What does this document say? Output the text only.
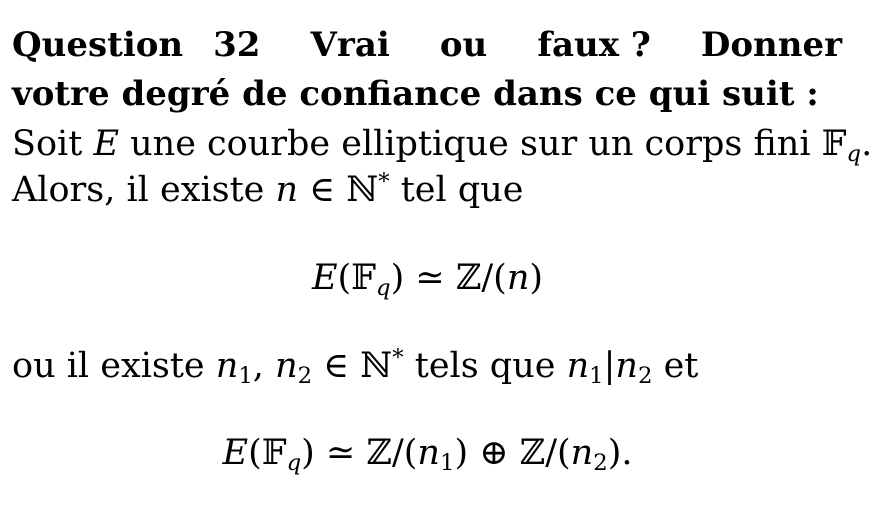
Question 32 Vrai ou faux ? Donner
votre degré de confiance dans ce qui suit :
Soit E une courbe elliptique sur un corps fini 𝔽$_q$.
Alors, il existe n ∈ ℕ* tel que
E(𝔽$_q$) ≃ ℤ/(n)
ou il existe $n_1$, $n_2$ ∈ ℕ* tels que $n_1|n_2$ et
E(𝔽$_q$) ≃ $ℤ/(n_1)$ ⊕ $ℤ/(n_2)$.
